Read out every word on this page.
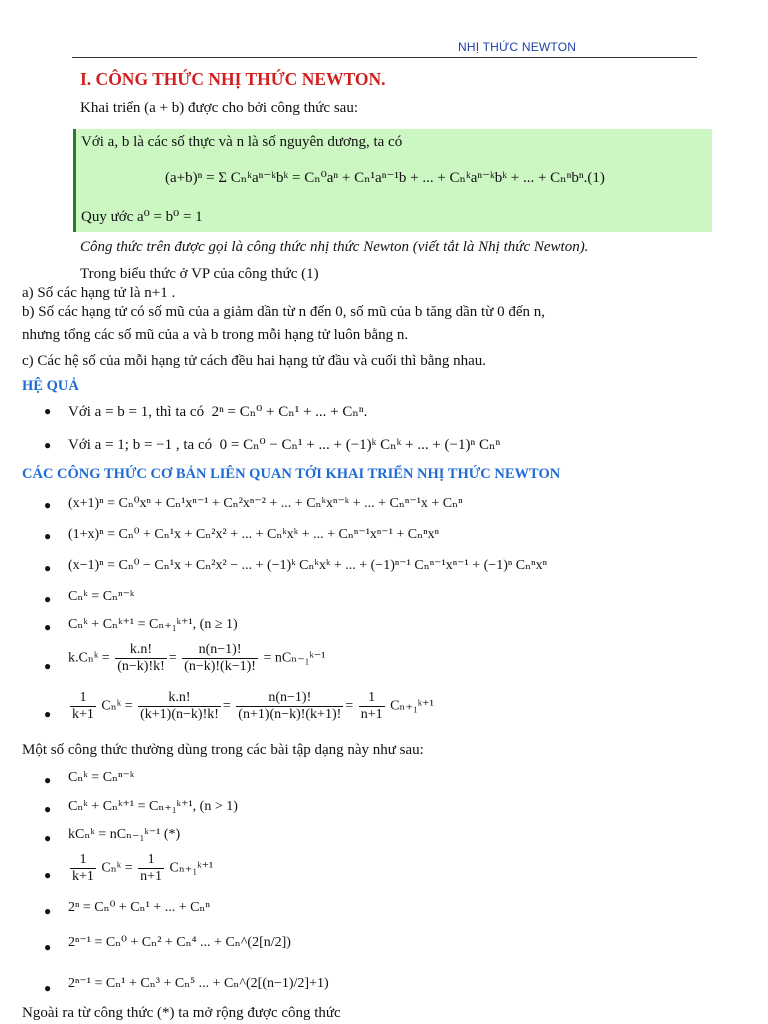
NHỊ THỨC NEWTON
I. CÔNG THỨC NHỊ THỨC NEWTON.
Khai triển (a + b) được cho bởi công thức sau:
Với a, b là các số thực và n là số nguyên dương, ta có
(a+b)ⁿ = Σ Cₙᵏaⁿ⁻ᵏbᵏ = Cₙ⁰aⁿ + Cₙ¹aⁿ⁻¹b + ... + Cₙᵏaⁿ⁻ᵏbᵏ + ... + Cₙⁿbⁿ.(1)
Quy ước a⁰ = b⁰ = 1
Công thức trên được gọi là công thức nhị thức Newton (viết tắt là Nhị thức Newton).
Trong biểu thức ở VP của công thức (1)
a) Số các hạng tử là n+1 .
b) Số các hạng tử có số mũ của a giảm dần từ n đến 0, số mũ của b tăng dần từ 0 đến n,
nhưng tổng các số mũ của a và b trong mỗi hạng tử luôn bằng n.
c) Các hệ số của mỗi hạng tử cách đều hai hạng tử đầu và cuối thì bằng nhau.
HỆ QUẢ
● Với a = b = 1, thì ta có 2ⁿ = Cₙ⁰ + Cₙ¹ + ... + Cₙⁿ.
● Với a = 1; b = −1 , ta có 0 = Cₙ⁰ − Cₙ¹ + ... + (−1)ᵏ Cₙᵏ + ... + (−1)ⁿ Cₙⁿ
CÁC CÔNG THỨC CƠ BẢN LIÊN QUAN TỚI KHAI TRIỂN NHỊ THỨC NEWTON
● (x+1)ⁿ = Cₙ⁰xⁿ + Cₙ¹xⁿ⁻¹ + Cₙ²xⁿ⁻² + ... + Cₙᵏxⁿ⁻ᵏ + ... + Cₙⁿ⁻¹x + Cₙⁿ
● (1+x)ⁿ = Cₙ⁰ + Cₙ¹x + Cₙ²x² + ... + Cₙᵏxᵏ + ... + Cₙⁿ⁻¹xⁿ⁻¹ + Cₙⁿxⁿ
● (x−1)ⁿ = Cₙ⁰ − Cₙ¹x + Cₙ²x² − ... + (−1)ᵏ Cₙᵏxᵏ + ... + (−1)ⁿ⁻¹ Cₙⁿ⁻¹xⁿ⁻¹ + (−1)ⁿ Cₙⁿxⁿ
● Cₙᵏ = Cₙⁿ⁻ᵏ
● Cₙᵏ + Cₙᵏ⁺¹ = Cₙ₊₁ᵏ⁺¹, (n ≥ 1)
●
k.Cₙᵏ = $\frac{k.n!}{(n-k)!k!} = \frac{n(n-1)!}{(n-k)!(k-1)!}$ = nCₙ₋₁ᵏ⁻¹
● $\frac{1}{k+1}$ Cₙᵏ = $\frac{k.n!}{(k+1)(n-k)!k!} = \frac{n(n-1)!}{(n+1)(n-k)!(k+1)!} = \frac{1}{n+1}$ Cₙ₊₁ᵏ⁺¹
Một số công thức thường dùng trong các bài tập dạng này như sau:
● Cₙᵏ = Cₙⁿ⁻ᵏ
● Cₙᵏ + Cₙᵏ⁺¹ = Cₙ₊₁ᵏ⁺¹, (n > 1)
● kCₙᵏ = nCₙ₋₁ᵏ⁻¹ (*)
● $\frac{1}{k+1}$ Cₙᵏ = $\frac{1}{n+1}$ Cₙ₊₁ᵏ⁺¹
● 2ⁿ = Cₙ⁰ + Cₙ¹ + ... + Cₙⁿ
● 2ⁿ⁻¹ = Cₙ⁰ + Cₙ² + Cₙ⁴ ... + Cₙ^(2[n/2])
● 2ⁿ⁻¹ = Cₙ¹ + Cₙ³ + Cₙ⁵ ... + Cₙ^(2[(n−1)/2]+1)
Ngoài ra từ công thức (*) ta mở rộng được công thức
